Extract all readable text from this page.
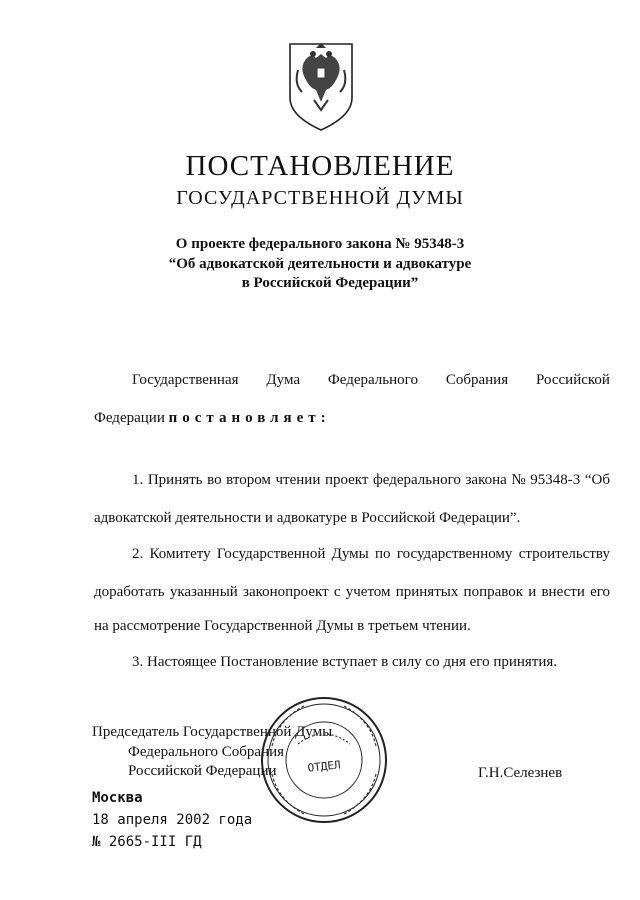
ПОСТАНОВЛЕНИЕ
ГОСУДАРСТВЕННОЙ ДУМЫ
О проекте федерального закона № 95348-3
“Об адвокатской деятельности и адвокатуре
в Российской Федерации”
Государственная Дума Федерального Собрания Российской
Федерации постановляет:
1. Принять во втором чтении проект федерального закона № 95348-3 “Об
адвокатской деятельности и адвокатуре в Российской Федерации”.
2. Комитету Государственной Думы по государственному строительству
доработать указанный законопроект с учетом принятых поправок и внести его
на рассмотрение Государственной Думы в третьем чтении.
3. Настоящее Постановление вступает в силу со дня его принятия.
Председатель Государственной Думы
Федерального Собрания
Российской Федерации	Г.Н.Селезнев
ОТДЕЛ
Москва
18 апреля 2002 года
№ 2665-III ГД
